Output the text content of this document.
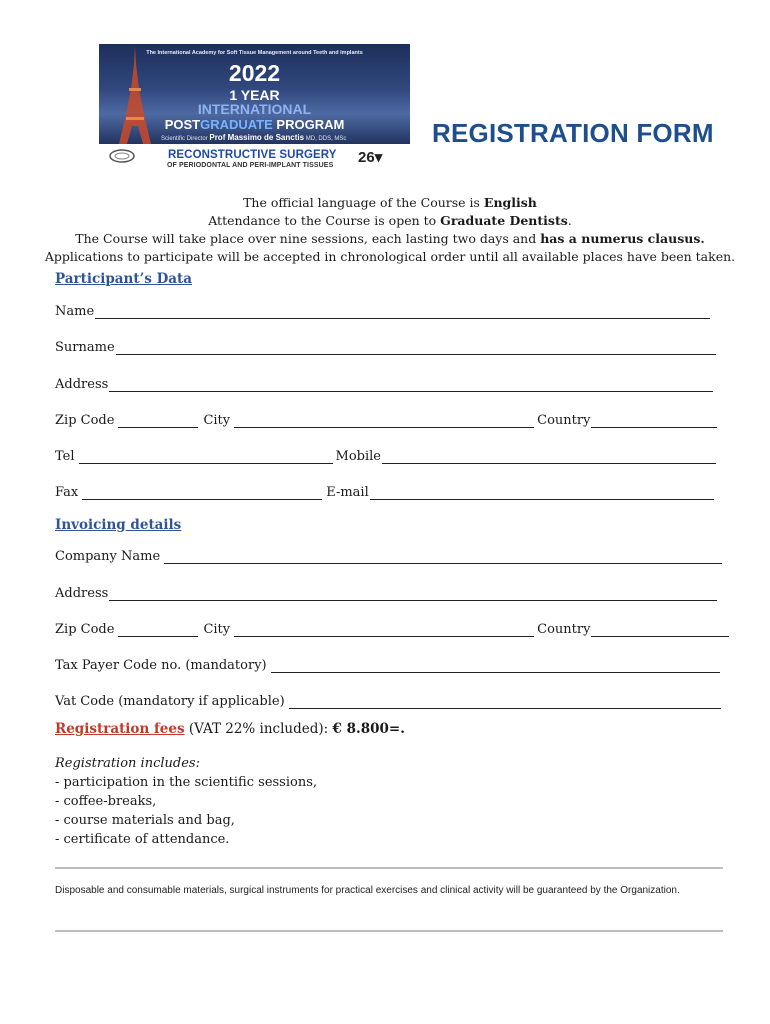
The International Academy for Soft Tissue Management around Teeth and Implants
2022
1 YEAR
INTERNATIONAL
POSTGRADUATE PROGRAM
Scientific Director Prof Massimo de Sanctis MD, DDS, MSc
RECONSTRUCTIVE SURGERY
OF PERIODONTAL AND PERI-IMPLANT TISSUES 26▾
REGISTRATION FORM
The official language of the Course is English
Attendance to the Course is open to Graduate Dentists.
The Course will take place over nine sessions, each lasting two days and has a numerus clausus.
Applications to participate will be accepted in chronological order until all available places have been taken.
Participant’s Data
Name
Surname
Address
Zip Code	City	Country
Tel	Mobile
Fax	E-mail
Invoicing details
Company Name
Address
Zip Code	City	Country
Tax Payer Code no. (mandatory)
Vat Code (mandatory if applicable)
Registration fees (VAT 22% included): € 8.800=.
Registration includes:
- participation in the scientific sessions,
- coffee-breaks,
- course materials and bag,
- certificate of attendance.
Disposable and consumable materials, surgical instruments for practical exercises and clinical activity will be guaranteed by the Organization.
